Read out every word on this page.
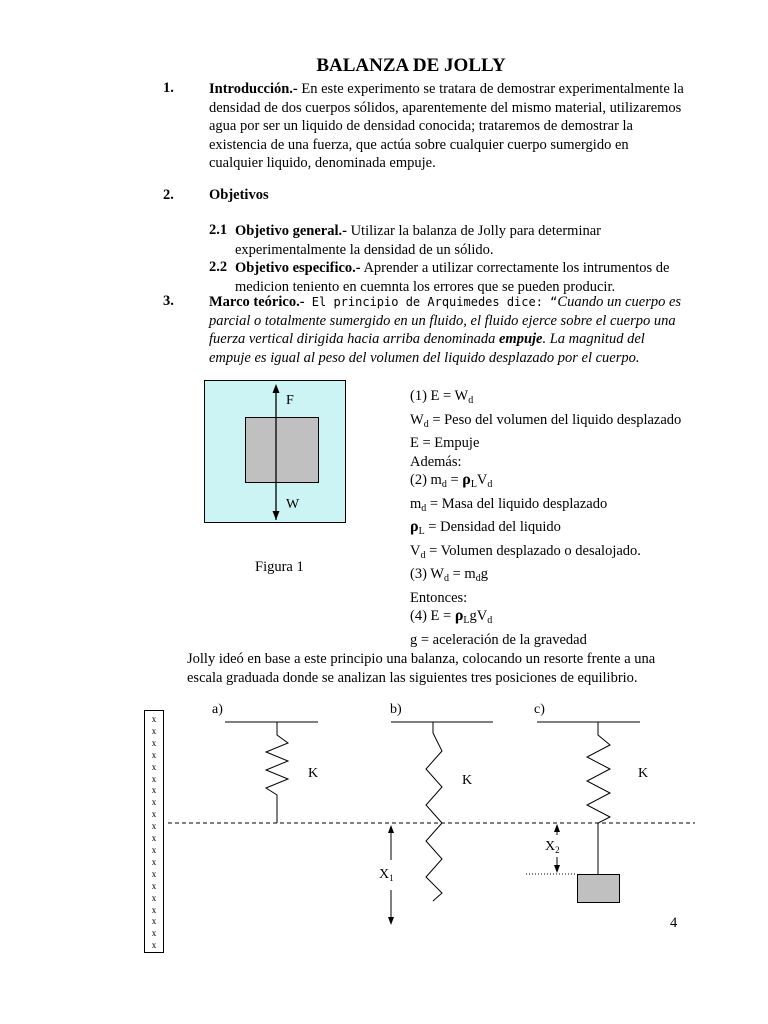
BALANZA DE JOLLY
1. Introducción.- En este experimento se tratara de demostrar experimentalmente la densidad de dos cuerpos sólidos, aparentemente del mismo material, utilizaremos agua por ser un liquido de densidad conocida; trataremos de demostrar la existencia de una fuerza, que actúa sobre cualquier cuerpo sumergido en cualquier liquido, denominada empuje.
2. Objetivos
2.1 Objetivo general.- Utilizar la balanza de Jolly para determinar experimentalmente la densidad de un sólido.
2.2 Objetivo especifico.- Aprender a utilizar correctamente los intrumentos de medicion teniento en cuemnta los errores que se pueden producir.
3. Marco teórico.- El principio de Arquimedes dice: “Cuando un cuerpo es parcial o totalmente sumergido en un fluido, el fluido ejerce sobre el cuerpo una fuerza vertical dirigida hacia arriba denominada empuje. La magnitud del empuje es igual al peso del volumen del liquido desplazado por el cuerpo.
F
W
Figura 1
(1) $E = W_d$
$W_d$ = Peso del volumen del liquido desplazado
E = Empuje
Además:
(2) $m_d = \rho_LV_d$
$m_d$ = Masa del liquido desplazado
$\rho_L$ = Densidad del liquido
$V_d$ = Volumen desplazado o desalojado.
(3) $W_d = m_dg$
Entonces:
(4) $E = \rho_LgV_d$
g = aceleración de la gravedad
Jolly ideó en base a este principio una balanza, colocando un resorte frente a una escala graduada donde se analizan las siguientes tres posiciones de equilibrio.
x
x
x
x
x
x
x
x
x
x
x
x
x
x
x
x
x
x
x
x
a)	b)	c)
K	K	K
$X_1$
$X_2$
4
